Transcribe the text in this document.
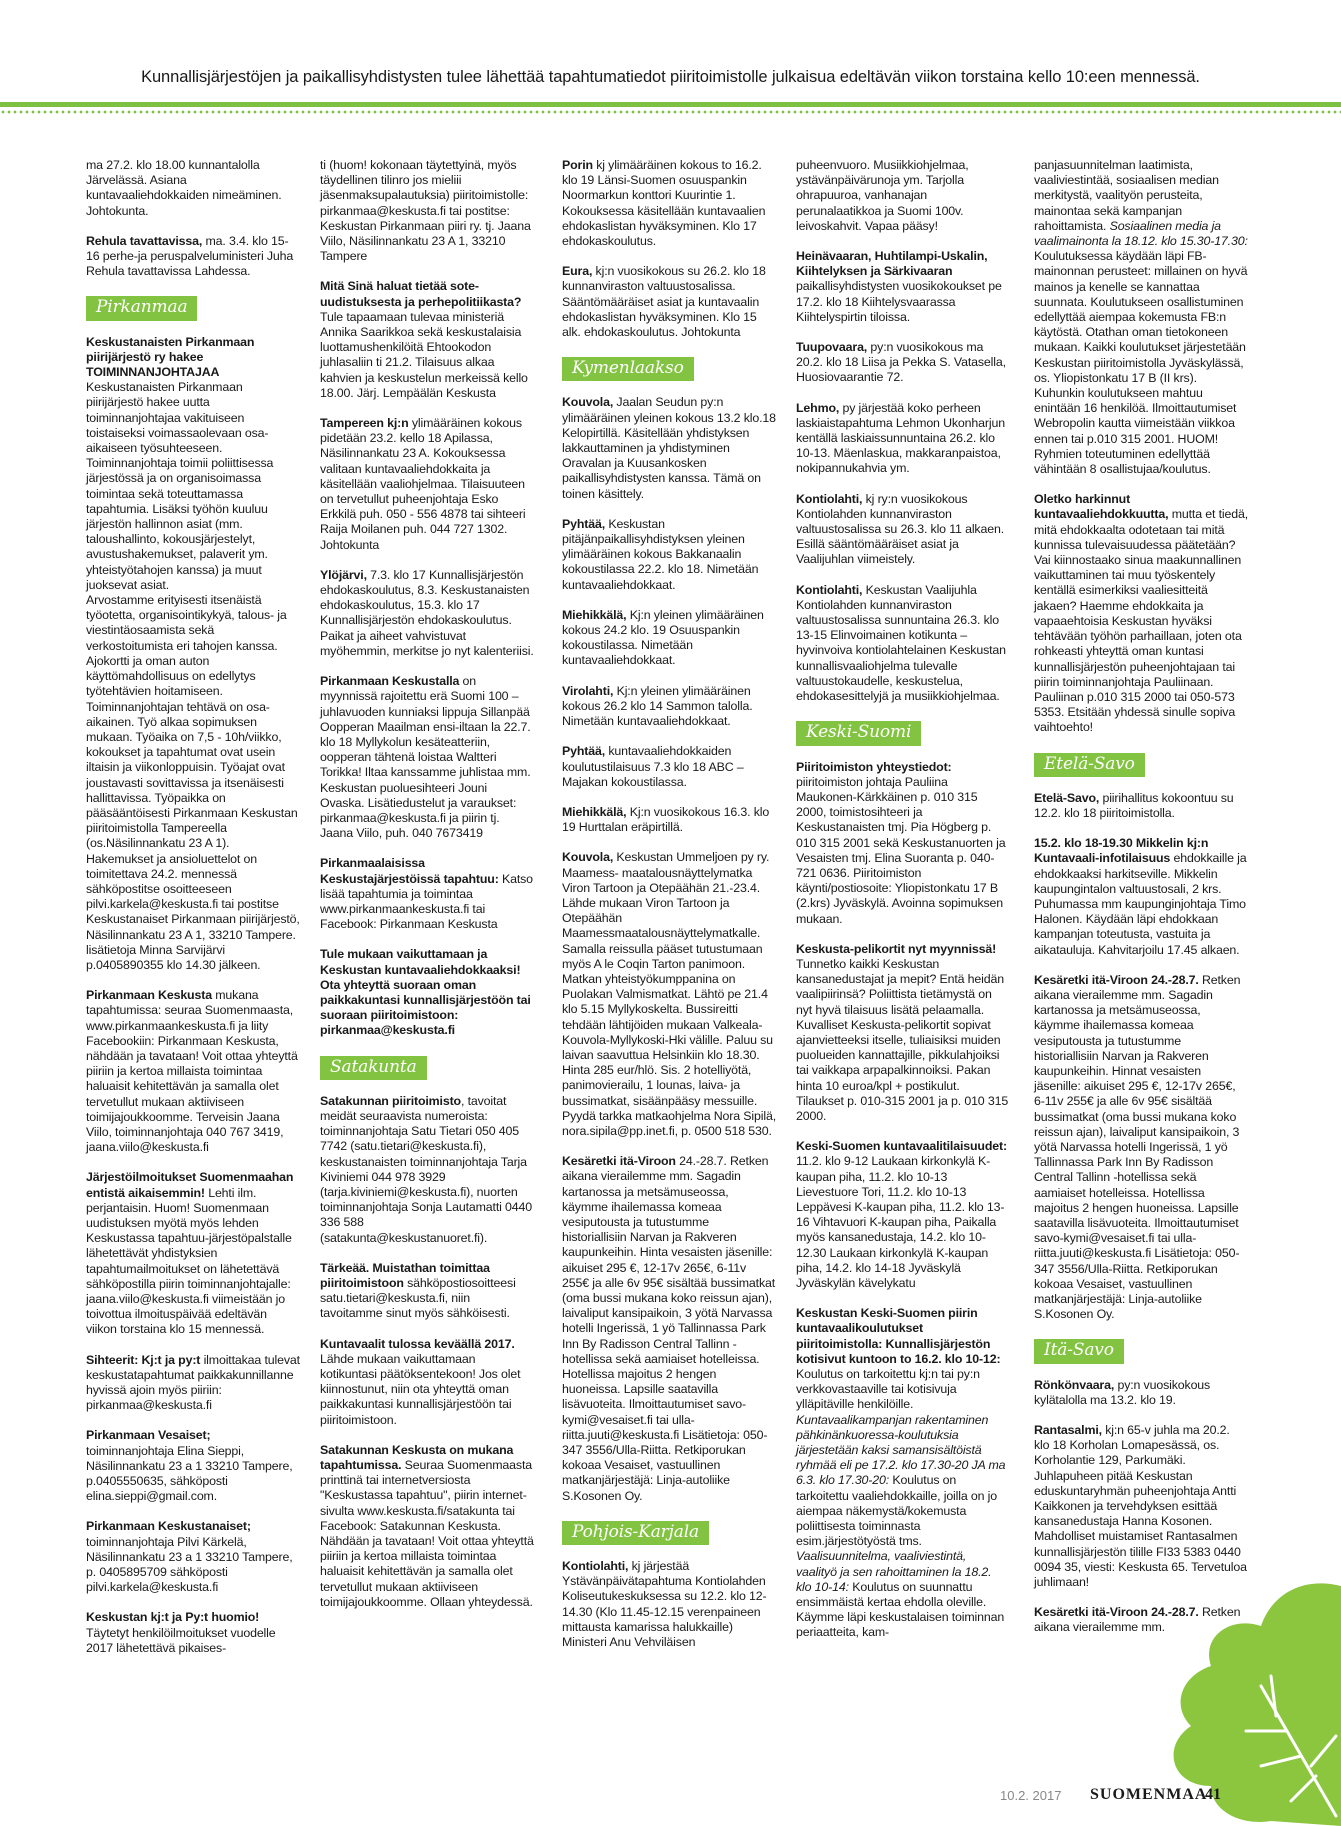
Kunnallisjärjestöjen ja paikallisyhdistysten tulee lähettää tapahtumatiedot piiritoimistolle julkaisua edeltävän viikon torstaina kello 10:een mennessä.

ma 27.2. klo 18.00 kunnantalolla Järvelässä. Asiana kuntavaaliehdokkaiden nimeäminen. Johtokunta.

Rehula tavattavissa, ma. 3.4. klo 15-16 perhe-ja peruspalveluministeri Juha Rehula tavattavissa Lahdessa.

Pirkanmaa

Keskustanaisten Pirkanmaan piirijärjestö ry hakee TOIMINNANJOHTAJAA
Keskustanaisten Pirkanmaan piirijärjestö hakee uutta toiminnanjohtajaa vakituiseen toistaiseksi voimassaolevaan osa-aikaiseen työsuhteeseen. Toiminnanjohtaja toimii poliittisessa järjestössä ja on organisoimassa toimintaa sekä toteuttamassa tapahtumia. Lisäksi työhön kuuluu järjestön hallinnon asiat (mm. taloushallinto, kokousjärjestelyt, avustushakemukset, palaverit ym. yhteistyötahojen kanssa) ja muut juoksevat asiat.
Arvostamme erityisesti itsenäistä työotetta, organisointikykyä, talous- ja viestintäosaamista sekä verkostoitumista eri tahojen kanssa. Ajokortti ja oman auton käyttömahdollisuus on edellytys työtehtävien hoitamiseen.
Toiminnanjohtajan tehtävä on osa-aikainen. Työ alkaa sopimuksen mukaan. Työaika on 7,5 - 10h/viikko, kokoukset ja tapahtumat ovat usein iltaisin ja viikonloppuisin. Työajat ovat joustavasti sovittavissa ja itsenäisesti hallittavissa. Työpaikka on pääsääntöisesti Pirkanmaan Keskustan piiritoimistolla Tampereella (os.Näsilinnankatu 23 A 1).
Hakemukset ja ansioluettelot on toimitettava 24.2. mennessä sähköpostitse osoitteeseen pilvi.karkela@keskusta.fi tai postitse Keskustanaiset Pirkanmaan piirijärjestö, Näsilinnankatu 23 A 1, 33210 Tampere. lisätietoja Minna Sarvijärvi p.0405890355 klo 14.30 jälkeen.

Pirkanmaan Keskusta mukana tapahtumissa: seuraa Suomenmaasta, www.pirkanmaankeskusta.fi ja liity Facebookiin: Pirkanmaan Keskusta, nähdään ja tavataan! Voit ottaa yhteyttä piiriin ja kertoa millaista toimintaa haluaisit kehitettävän ja samalla olet tervetullut mukaan aktiiviseen toimijajoukkoomme. Terveisin Jaana Viilo, toiminnanjohtaja 040 767 3419, jaana.viilo@keskusta.fi

Järjestöilmoitukset Suomenmaahan entistä aikaisemmin! Lehti ilm. perjantaisin. Huom! Suomenmaan uudistuksen myötä myös lehden Keskustassa tapahtuu-järjestöpalstalle lähetettävät yhdistyksien tapahtumailmoitukset on lähetettävä sähköpostilla piirin toiminnanjohtajalle: jaana.viilo@keskusta.fi viimeistään jo toivottua ilmoituspäivää edeltävän viikon torstaina klo 15 mennessä.

Sihteerit: Kj:t ja py:t ilmoittakaa tulevat keskustatapahtumat paikkakunnillanne hyvissä ajoin myös piiriin: pirkanmaa@keskusta.fi

Pirkanmaan Vesaiset; toiminnanjohtaja Elina Sieppi, Näsilinnankatu 23 a 1 33210 Tampere, p.0405550635, sähköposti elina.sieppi@gmail.com.

Pirkanmaan Keskustanaiset; toiminnanjohtaja Pilvi Kärkelä, Näsilinnankatu 23 a 1 33210 Tampere, p. 0405895709 sähköposti pilvi.karkela@keskusta.fi

Keskustan kj:t ja Py:t huomio! Täytetyt henkilöilmoitukset vuodelle 2017 lähetettävä pikaises-

ti (huom! kokonaan täytettyinä, myös täydellinen tilinro jos mieliii jäsenmaksupalautuksia) piiritoimistolle: pirkanmaa@keskusta.fi tai postitse: Keskustan Pirkanmaan piiri ry. tj. Jaana Viilo, Näsilinnankatu 23 A 1, 33210 Tampere

Mitä Sinä haluat tietää sote-uudistuksesta ja perhepolitiikasta? Tule tapaamaan tulevaa ministeriä Annika Saarikkoa sekä keskustalaisia luottamushenkilöitä Ehtookodon juhlasaliin ti 21.2. Tilaisuus alkaa kahvien ja keskustelun merkeissä kello 18.00. Järj. Lempäälän Keskusta

Tampereen kj:n ylimääräinen kokous pidetään 23.2. kello 18 Apilassa, Näsilinnankatu 23 A. Kokouksessa valitaan kuntavaaliehdokkaita ja käsitellään vaaliohjelmaa. Tilaisuuteen on tervetullut puheenjohtaja Esko Erkkilä puh. 050 - 556 4878 tai sihteeri Raija Moilanen puh. 044 727 1302. Johtokunta

Ylöjärvi, 7.3. klo 17 Kunnallisjärjestön ehdokaskoulutus, 8.3. Keskustanaisten ehdokaskoulutus, 15.3. klo 17 Kunnallisjärjestön ehdokaskoulutus. Paikat ja aiheet vahvistuvat myöhemmin, merkitse jo nyt kalenteriisi.

Pirkanmaan Keskustalla on myynnissä rajoitettu erä Suomi 100 –juhlavuoden kunniaksi lippuja Sillanpää Oopperan Maailman ensi-iltaan la 22.7. klo 18 Myllykolun kesäteatteriin, oopperan tähtenä loistaa Waltteri Torikka! Iltaa kanssamme juhlistaa mm. Keskustan puoluesihteeri Jouni Ovaska. Lisätiedustelut ja varaukset: pirkanmaa@keskusta.fi ja piirin tj. Jaana Viilo, puh. 040 7673419

Pirkanmaalaisissa Keskustajärjestöissä tapahtuu: Katso lisää tapahtumia ja toimintaa www.pirkanmaankeskusta.fi tai Facebook: Pirkanmaan Keskusta

Tule mukaan vaikuttamaan ja Keskustan kuntavaaliehdokkaaksi! Ota yhteyttä suoraan oman paikkakuntasi kunnallisjärjestöön tai suoraan piiritoimistoon: pirkanmaa@keskusta.fi

Satakunta

Satakunnan piiritoimisto, tavoitat meidät seuraavista numeroista: toiminnanjohtaja Satu Tietari 050 405 7742 (satu.tietari@keskusta.fi), keskustanaisten toiminnanjohtaja Tarja Kiviniemi 044 978 3929 (tarja.kiviniemi@keskusta.fi), nuorten toiminnanjohtaja Sonja Lautamatti 0440 336 588 (satakunta@keskustanuoret.fi).

Tärkeää. Muistathan toimittaa piiritoimistoon sähköpostiosoitteesi satu.tietari@keskusta.fi, niin tavoitamme sinut myös sähköisesti.

Kuntavaalit tulossa keväällä 2017. Lähde mukaan vaikuttamaan kotikuntasi päätöksentekoon! Jos olet kiinnostunut, niin ota yhteyttä oman paikkakuntasi kunnallisjärjestöön tai piiritoimistoon.

Satakunnan Keskusta on mukana tapahtumissa. Seuraa Suomenmaasta printtinä tai internetversiosta "Keskustassa tapahtuu", piirin internet-sivulta www.keskusta.fi/satakunta tai Facebook: Satakunnan Keskusta. Nähdään ja tavataan! Voit ottaa yhteyttä piiriin ja kertoa millaista toimintaa haluaisit kehitettävän ja samalla olet tervetullut mukaan aktiiviseen toimijajoukkoomme. Ollaan yhteydessä.

Porin kj ylimääräinen kokous to 16.2. klo 19 Länsi-Suomen osuuspankin Noormarkun konttori Kuurintie 1. Kokouksessa käsitellään kuntavaalien ehdokaslistan hyväksyminen. Klo 17 ehdokaskoulutus.

Eura, kj:n vuosikokous su 26.2. klo 18 kunnanviraston valtuustosalissa. Sääntömääräiset asiat ja kuntavaalin ehdokaslistan hyväksyminen. Klo 15 alk. ehdokaskoulutus. Johtokunta

Kymenlaakso

Kouvola, Jaalan Seudun py:n ylimääräinen yleinen kokous 13.2 klo.18 Kelopirtillä. Käsitellään yhdistyksen lakkauttaminen ja yhdistyminen Oravalan ja Kuusankosken paikallisyhdistysten kanssa. Tämä on toinen käsittely.

Pyhtää, Keskustan pitäjänpaikallisyhdistyksen yleinen ylimääräinen kokous Bakkanaalin kokoustilassa 22.2. klo 18. Nimetään kuntavaaliehdokkaat.

Miehikkälä, Kj:n yleinen ylimääräinen kokous 24.2 klo. 19 Osuuspankin kokoustilassa. Nimetään kuntavaaliehdokkaat.

Virolahti, Kj:n yleinen ylimääräinen kokous 26.2 klo 14 Sammon talolla. Nimetään kuntavaaliehdokkaat.

Pyhtää, kuntavaaliehdokkaiden koulutustilaisuus 7.3 klo 18 ABC – Majakan kokoustilassa.

Miehikkälä, Kj:n vuosikokous 16.3. klo 19 Hurttalan eräpirtillä.

Kouvola, Keskustan Ummeljoen py ry. Maamess- maatalousnäyttelymatka Viron Tartoon ja Otepäähän 21.-23.4. Lähde mukaan Viron Tartoon ja Otepäähän Maamessmaatalousnäyttelymatkalle. Samalla reissulla pääset tutustumaan myös A le Coqin Tarton panimoon. Matkan yhteistyökumppanina on Puolakan Valmismatkat. Lähtö pe 21.4 klo 5.15 Myllykoskelta. Bussireitti tehdään lähtijöiden mukaan Valkeala-Kouvola-Myllykoski-Hki välille. Paluu su laivan saavuttua Helsinkiin klo 18.30. Hinta 285 eur/hlö. Sis. 2 hotelliyötä, panimovierailu, 1 lounas, laiva- ja bussimatkat, sisäänpääsy messuille. Pyydä tarkka matkaohjelma Nora Sipilä, nora.sipila@pp.inet.fi, p. 0500 518 530.

Kesäretki itä-Viroon 24.-28.7. Retken aikana vierailemme mm. Sagadin kartanossa ja metsämuseossa, käymme ihailemassa komeaa vesiputousta ja tutustumme historiallisiin Narvan ja Rakveren kaupunkeihin. Hinta vesaisten jäsenille: aikuiset 295 €, 12-17v 265€, 6-11v 255€ ja alle 6v 95€ sisältää bussimatkat (oma bussi mukana koko reissun ajan), laivaliput kansipaikoin, 3 yötä Narvassa hotelli Ingerissä, 1 yö Tallinnassa Park Inn By Radisson Central Tallinn -hotellissa sekä aamiaiset hotelleissa. Hotellissa majoitus 2 hengen huoneissa. Lapsille saatavilla lisävuoteita. Ilmoittautumiset savo-kymi@vesaiset.fi tai ulla-riitta.juuti@keskusta.fi Lisätietoja: 050-347 3556/Ulla-Riitta. Retkiporukan kokoaa Vesaiset, vastuullinen matkanjärjestäjä: Linja-autoliike S.Kosonen Oy.

Pohjois-Karjala

Kontiolahti, kj järjestää Ystävänpäivätapahtuma Kontiolahden Koliseutukeskuksessa su 12.2. klo 12-14.30 (Klo 11.45-12.15 verenpaineen mittausta kamarissa halukkaille) Ministeri Anu Vehviläisen

puheenvuoro. Musiikkiohjelmaa, ystävänpäivärunoja ym. Tarjolla ohrapuuroa, vanhanajan perunalaatikkoa ja Suomi 100v. leivoskahvit. Vapaa pääsy!

Heinävaaran, Huhtilampi-Uskalin, Kiihtelyksen ja Särkivaaran paikallisyhdistysten vuosikokoukset pe 17.2. klo 18 Kiihtelysvaarassa Kiihtelyspirtin tiloissa.

Tuupovaara, py:n vuosikokous ma 20.2. klo 18 Liisa ja Pekka S. Vatasella, Huosiovaarantie 72.

Lehmo, py järjestää koko perheen laskiaistapahtuma Lehmon Ukonharjun kentällä laskiaissunnuntaina 26.2. klo 10-13. Mäenlaskua, makkaranpaistoa, nokipannukahvia ym.

Kontiolahti, kj ry:n vuosikokous Kontiolahden kunnanviraston valtuustosalissa su 26.3. klo 11 alkaen. Esillä sääntömääräiset asiat ja Vaalijuhlan viimeistely.

Kontiolahti, Keskustan Vaalijuhla Kontiolahden kunnanviraston valtuustosalissa sunnuntaina 26.3. klo 13-15 Elinvoimainen kotikunta – hyvinvoiva kontiolahtelainen Keskustan kunnallisvaaliohjelma tulevalle valtuustokaudelle, keskustelua, ehdokasesittelyjä ja musiikkiohjelmaa.

Keski-Suomi

Piiritoimiston yhteystiedot: piiritoimiston johtaja Pauliina Maukonen-Kärkkäinen p. 010 315 2000, toimistosihteeri ja Keskustanaisten tmj. Pia Högberg p. 010 315 2001 sekä Keskustanuorten ja Vesaisten tmj. Elina Suoranta p. 040-721 0636. Piiritoimiston käynti/postiosoite: Yliopistonkatu 17 B (2.krs) Jyväskylä. Avoinna sopimuksen mukaan.

Keskusta-pelikortit nyt myynnissä! Tunnetko kaikki Keskustan kansanedustajat ja mepit? Entä heidän vaalipiirinsä? Poliittista tietämystä on nyt hyvä tilaisuus lisätä pelaamalla. Kuvalliset Keskusta-pelikortit sopivat ajanvietteeksi itselle, tuliaisiksi muiden puolueiden kannattajille, pikkulahjoiksi tai vaikkapa arpapalkinnoiksi. Pakan hinta 10 euroa/kpl + postikulut. Tilaukset p. 010-315 2001 ja p. 010 315 2000.

Keski-Suomen kuntavaalitilaisuudet: 11.2. klo 9-12 Laukaan kirkonkylä K-kaupan piha, 11.2. klo 10-13 Lievestuore Tori, 11.2. klo 10-13 Leppävesi K-kaupan piha, 11.2. klo 13-16 Vihtavuori K-kaupan piha, Paikalla myös kansanedustaja, 14.2. klo 10-12.30 Laukaan kirkonkylä K-kaupan piha, 14.2. klo 14-18 Jyväskylä Jyväskylän kävelykatu

Keskustan Keski-Suomen piirin kuntavaalikoulutukset piiritoimistolla: Kunnallisjärjestön kotisivut kuntoon to 16.2. klo 10-12: Koulutus on tarkoitettu kj:n tai py:n verkkovastaaville tai kotisivuja ylläpitäville henkilöille. Kuntavaalikampanjan rakentaminen pähkinänkuoressa-koulutuksia järjestetään kaksi samansisältöistä ryhmää eli pe 17.2. klo 17.30-20 JA ma 6.3. klo 17.30-20: Koulutus on tarkoitettu vaaliehdokkaille, joilla on jo aiempaa näkemystä/kokemusta poliittisesta toiminnasta esim.järjestötyöstä tms. Vaalisuunnitelma, vaaliviestintä, vaalityö ja sen rahoittaminen la 18.2. klo 10-14: Koulutus on suunnattu ensimmäistä kertaa ehdolla oleville. Käymme läpi keskustalaisen toiminnan periaatteita, kam-

panjasuunnitelman laatimista, vaaliviestintää, sosiaalisen median merkitystä, vaalityön perusteita, mainontaa sekä kampanjan rahoittamista. Sosiaalinen media ja vaalimainonta la 18.12. klo 15.30-17.30: Koulutuksessa käydään läpi FB-mainonnan perusteet: millainen on hyvä mainos ja kenelle se kannattaa suunnata. Koulutukseen osallistuminen edellyttää aiempaa kokemusta FB:n käytöstä. Otathan oman tietokoneen mukaan. Kaikki koulutukset järjestetään Keskustan piiritoimistolla Jyväskylässä, os. Yliopistonkatu 17 B (II krs). Kuhunkin koulutukseen mahtuu enintään 16 henkilöä. Ilmoittautumiset Webropolin kautta viimeistään viikkoa ennen tai p.010 315 2001. HUOM! Ryhmien toteutuminen edellyttää vähintään 8 osallistujaa/koulutus.

Oletko harkinnut kuntavaaliehdokkuutta, mutta et tiedä, mitä ehdokkaalta odotetaan tai mitä kunnissa tulevaisuudessa päätetään? Vai kiinnostaako sinua maakunnallinen vaikuttaminen tai muu työskentely kentällä esimerkiksi vaaliesitteitä jakaen? Haemme ehdokkaita ja vapaaehtoisia Keskustan hyväksi tehtävään työhön parhaillaan, joten ota rohkeasti yhteyttä oman kuntasi kunnallisjärjestön puheenjohtajaan tai piirin toiminnanjohtaja Pauliinaan. Pauliinan p.010 315 2000 tai 050-573 5353. Etsitään yhdessä sinulle sopiva vaihtoehto!

Etelä-Savo

Etelä-Savo, piirihallitus kokoontuu su 12.2. klo 18 piiritoimistolla.

15.2. klo 18-19.30 Mikkelin kj:n Kuntavaali-infotilaisuus ehdokkaille ja ehdokkaaksi harkitseville. Mikkelin kaupungintalon valtuustosali, 2 krs. Puhumassa mm kaupunginjohtaja Timo Halonen. Käydään läpi ehdokkaan kampanjan toteutusta, vastuita ja aikatauluja. Kahvitarjoilu 17.45 alkaen.

Kesäretki itä-Viroon 24.-28.7. Retken aikana vierailemme mm. Sagadin kartanossa ja metsämuseossa, käymme ihailemassa komeaa vesiputousta ja tutustumme historiallisiin Narvan ja Rakveren kaupunkeihin. Hinnat vesaisten jäsenille: aikuiset 295 €, 12-17v 265€, 6-11v 255€ ja alle 6v 95€ sisältää bussimatkat (oma bussi mukana koko reissun ajan), laivaliput kansipaikoin, 3 yötä Narvassa hotelli Ingerissä, 1 yö Tallinnassa Park Inn By Radisson Central Tallinn -hotellissa sekä aamiaiset hotelleissa. Hotellissa majoitus 2 hengen huoneissa. Lapsille saatavilla lisävuoteita. Ilmoittautumiset savo-kymi@vesaiset.fi tai ulla-riitta.juuti@keskusta.fi Lisätietoja: 050-347 3556/Ulla-Riitta. Retkiporukan kokoaa Vesaiset, vastuullinen matkanjärjestäjä: Linja-autoliike S.Kosonen Oy.

Itä-Savo

Rönkönvaara, py:n vuosikokous kylätalolla ma 13.2. klo 19.

Rantasalmi, kj:n 65-v juhla ma 20.2. klo 18 Korholan Lomapesässä, os. Korholantie 129, Parkumäki. Juhlapuheen pitää Keskustan eduskuntaryhmän puheenjohtaja Antti Kaikkonen ja tervehdyksen esittää kansanedustaja Hanna Kosonen. Mahdolliset muistamiset Rantasalmen kunnallisjärjestön tilille FI33 5383 0440 0094 35, viesti: Keskusta 65. Tervetuloa juhlimaan!

Kesäretki itä-Viroon 24.-28.7. Retken aikana vierailemme mm.

10.2. 2017 SUOMENMAA
41
